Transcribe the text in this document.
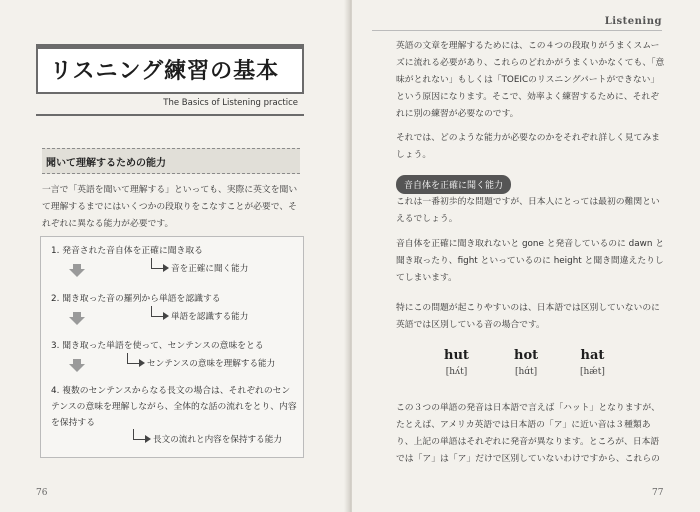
リスニング練習の基本
The Basics of Listening practice
聞いて理解するための能力
一言で「英語を聞いて理解する」といっても、実際に英文を聞いて理解するまでにはいくつかの段取りをこなすことが必要で、それぞれに異なる能力が必要です。
1. 発音された音自体を正確に聞き取る
音を正確に聞く能力
2. 聞き取った音の羅列から単語を認識する
単語を認識する能力
3. 聞き取った単語を使って、センテンスの意味をとる
センテンスの意味を理解する能力
4. 複数のセンテンスからなる長文の場合は、それぞれのセンテンスの意味を理解しながら、全体的な話の流れをとり、内容を保持する
長文の流れと内容を保持する能力
76
Listening
英語の文章を理解するためには、この４つの段取りがうまくスムーズに流れる必要があり、これらのどれかがうまくいかなくても、「意味がとれない」もしくは「TOEICのリスニングパートができない」という原因になります。そこで、効率よく練習するために、それぞれに別の練習が必要なのです。
それでは、どのような能力が必要なのかをそれぞれ詳しく見てみましょう。
音自体を正確に聞く能力
これは一番初歩的な問題ですが、日本人にとっては最初の難関といえるでしょう。
音自体を正確に聞き取れないと gone と発音しているのに dawn と聞き取ったり、fight といっているのに height と聞き間違えたりしてしまいます。
特にこの問題が起こりやすいのは、日本語では区別していないのに英語では区別している音の場合です。
hut
[hʌ́t]
hot
[hɑ́t]
hat
[hǽt]
この３つの単語の発音は日本語で言えば「ハット」となりますが、たとえば、アメリカ英語では日本語の「ア」に近い音は３種類あり、上記の単語はそれぞれに発音が異なります。ところが、日本語では「ア」は「ア」だけで区別していないわけですから、これらの
77
